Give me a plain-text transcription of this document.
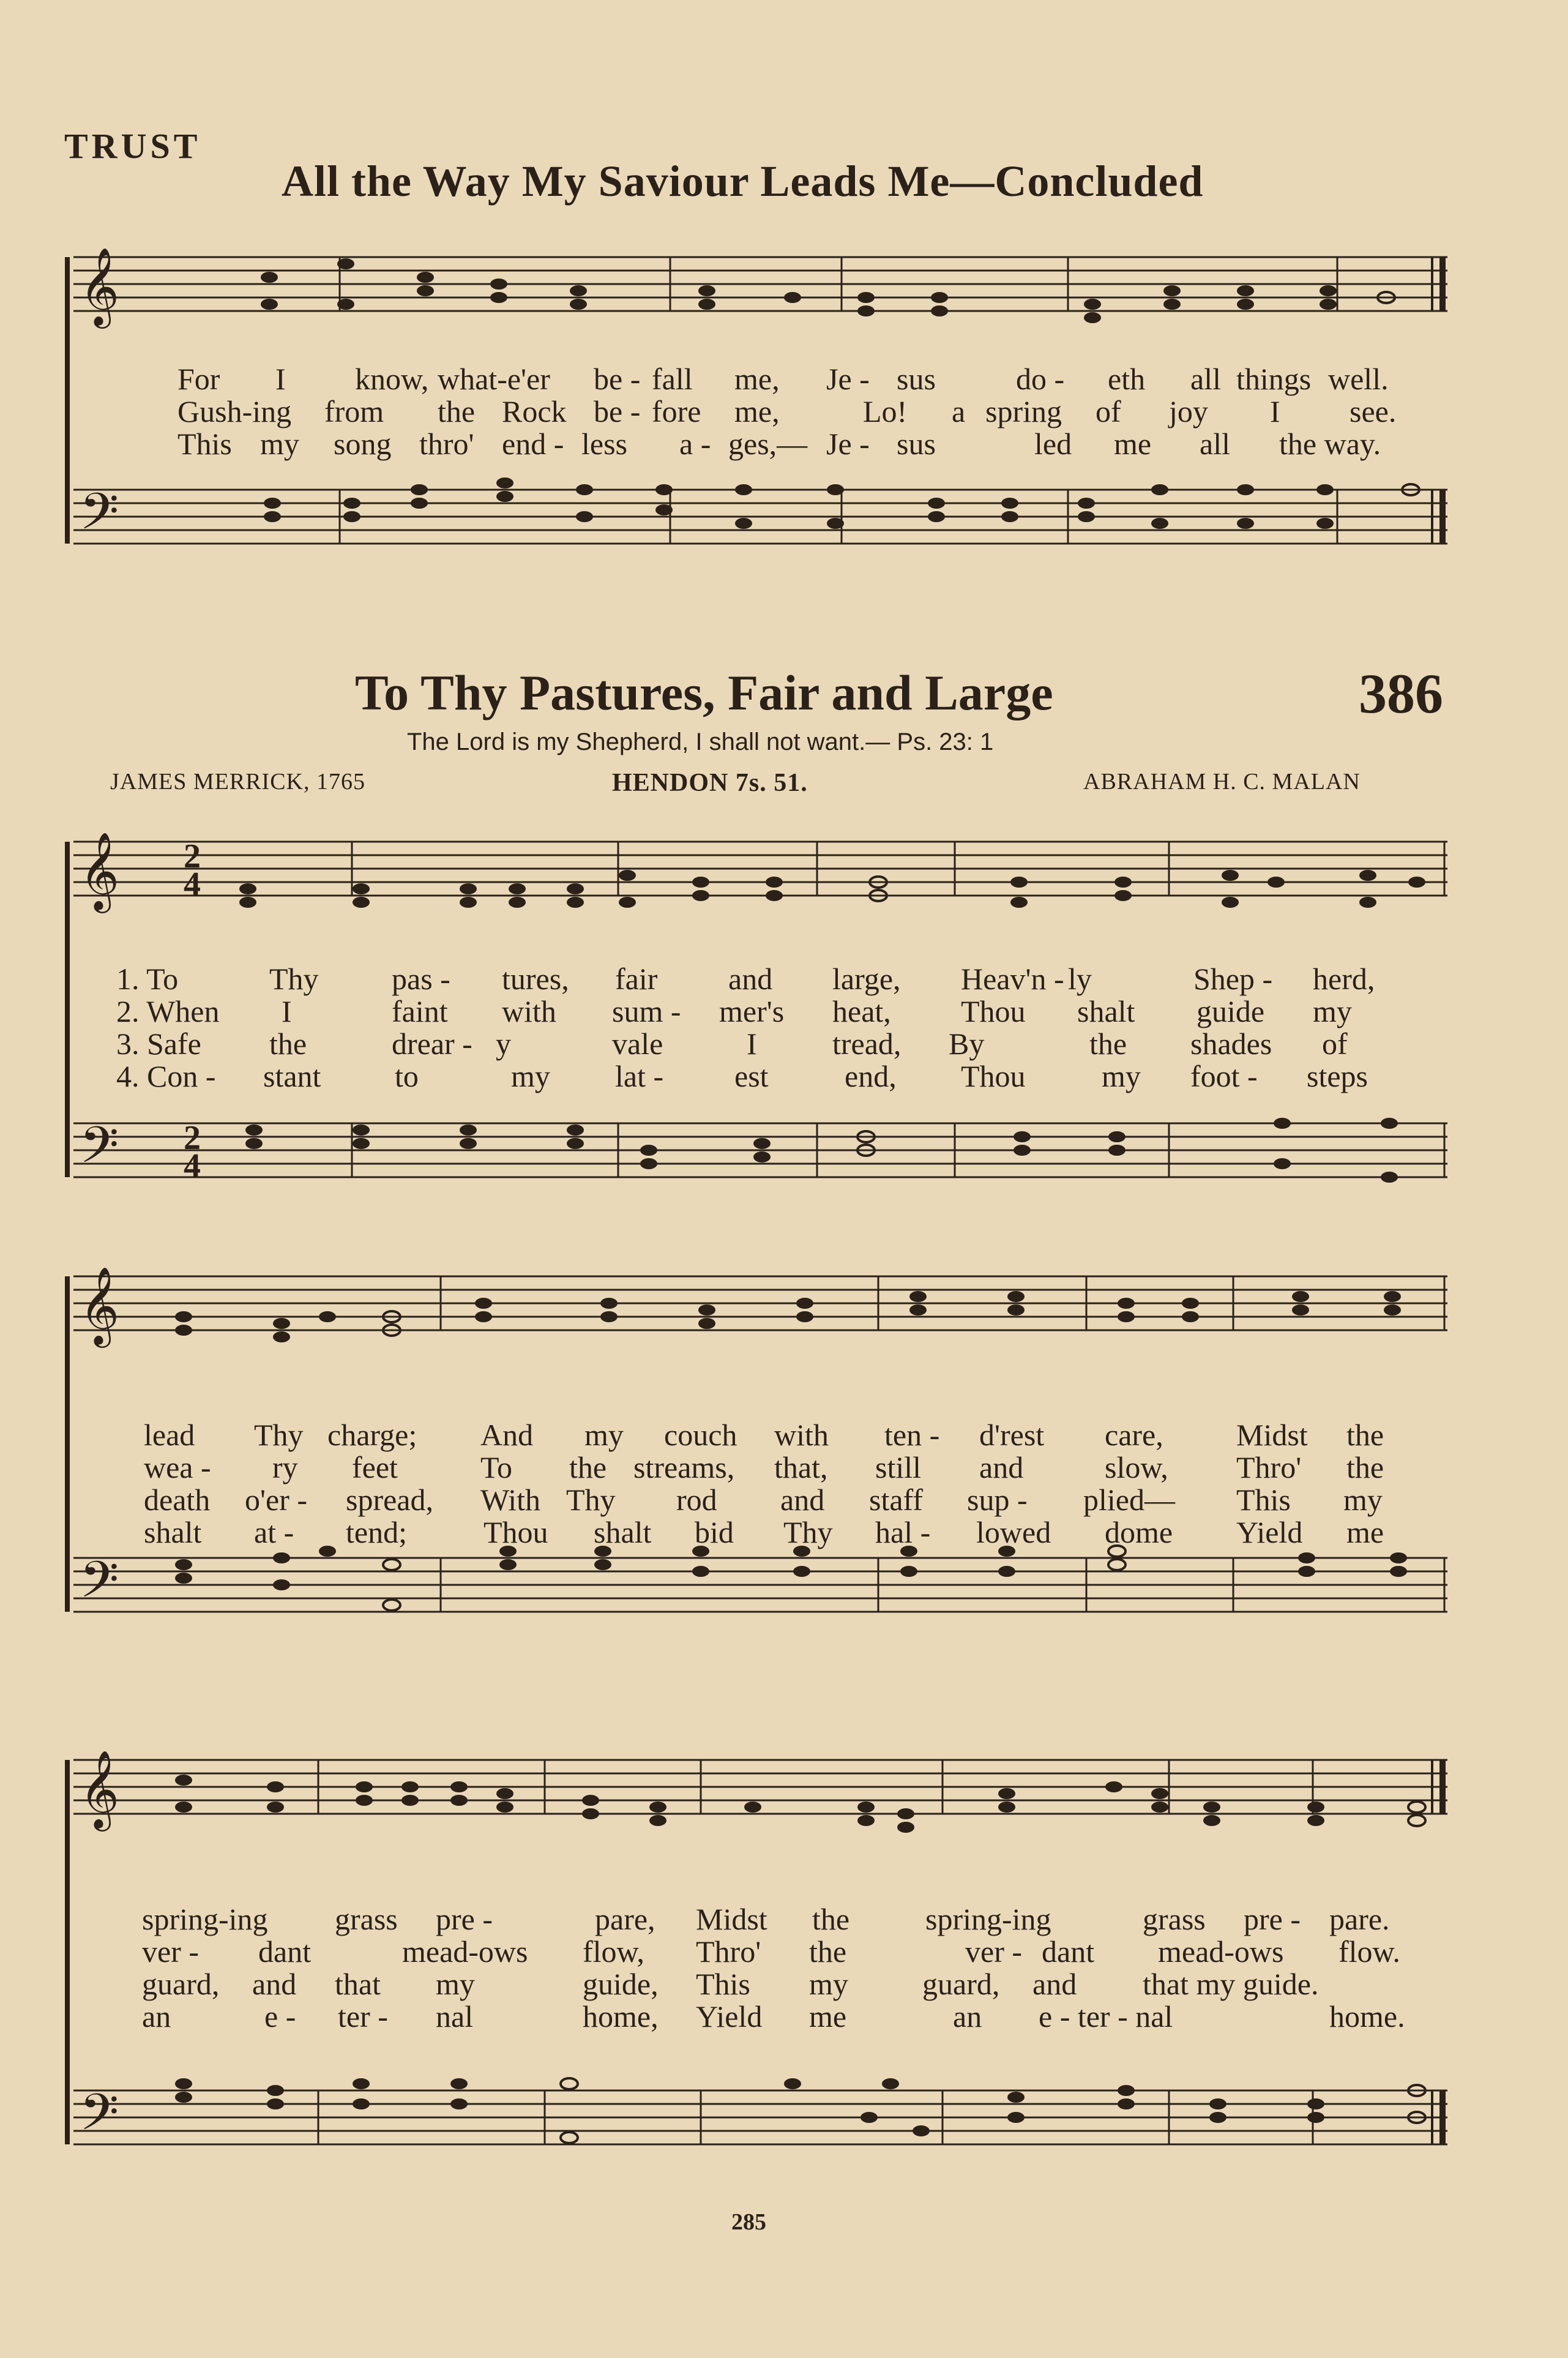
TRUST
All the Way My Saviour Leads Me—Concluded
𝄞
𝄢
For I know, what-e'er be - fall me, Je - sus	do - eth all things well.
Gush-ing from the Rock be - fore me,	Lo! a spring of joy I see.
This my song thro' end - less a - ges,— Je - sus	led me all the way.
To Thy Pastures, Fair and Large	386
The Lord is my Shepherd, I shall not want.— Ps. 23: 1
JAMES MERRICK, 1765	HENDON 7s. 51.	ABRAHAM H. C. MALAN
𝄞
𝄢
2
4
2
4
1. To	Thy pas - tures, fair and large, Heav'n - ly	Shep - herd,
2. When I	faint with sum - mer's heat, Thou shalt guide my
3. Safe the	drear - y	vale	I tread, By	the shades of
4. Con - stant to	my lat - est end, Thou my foot - steps
𝄞
𝄢
lead Thy charge; And my couch with ten - d'rest care, Midst the
wea - ry feet	To the streams, that, still and	slow, Thro' the
death o'er - spread, With Thy rod and staff sup - plied— This my
shalt at - tend;	Thou shalt bid Thy hal - lowed dome Yield me
𝄞
𝄢
spring-ing grass pre -	pare, Midst the spring-ing	grass pre - pare.
ver - dant	mead-ows flow, Thro' the	ver - dant mead-ows flow.
guard, and that my	guide, This my guard, and that my guide.
an	e - ter - nal	home, Yield me	an e - ter - nal	home.
285
